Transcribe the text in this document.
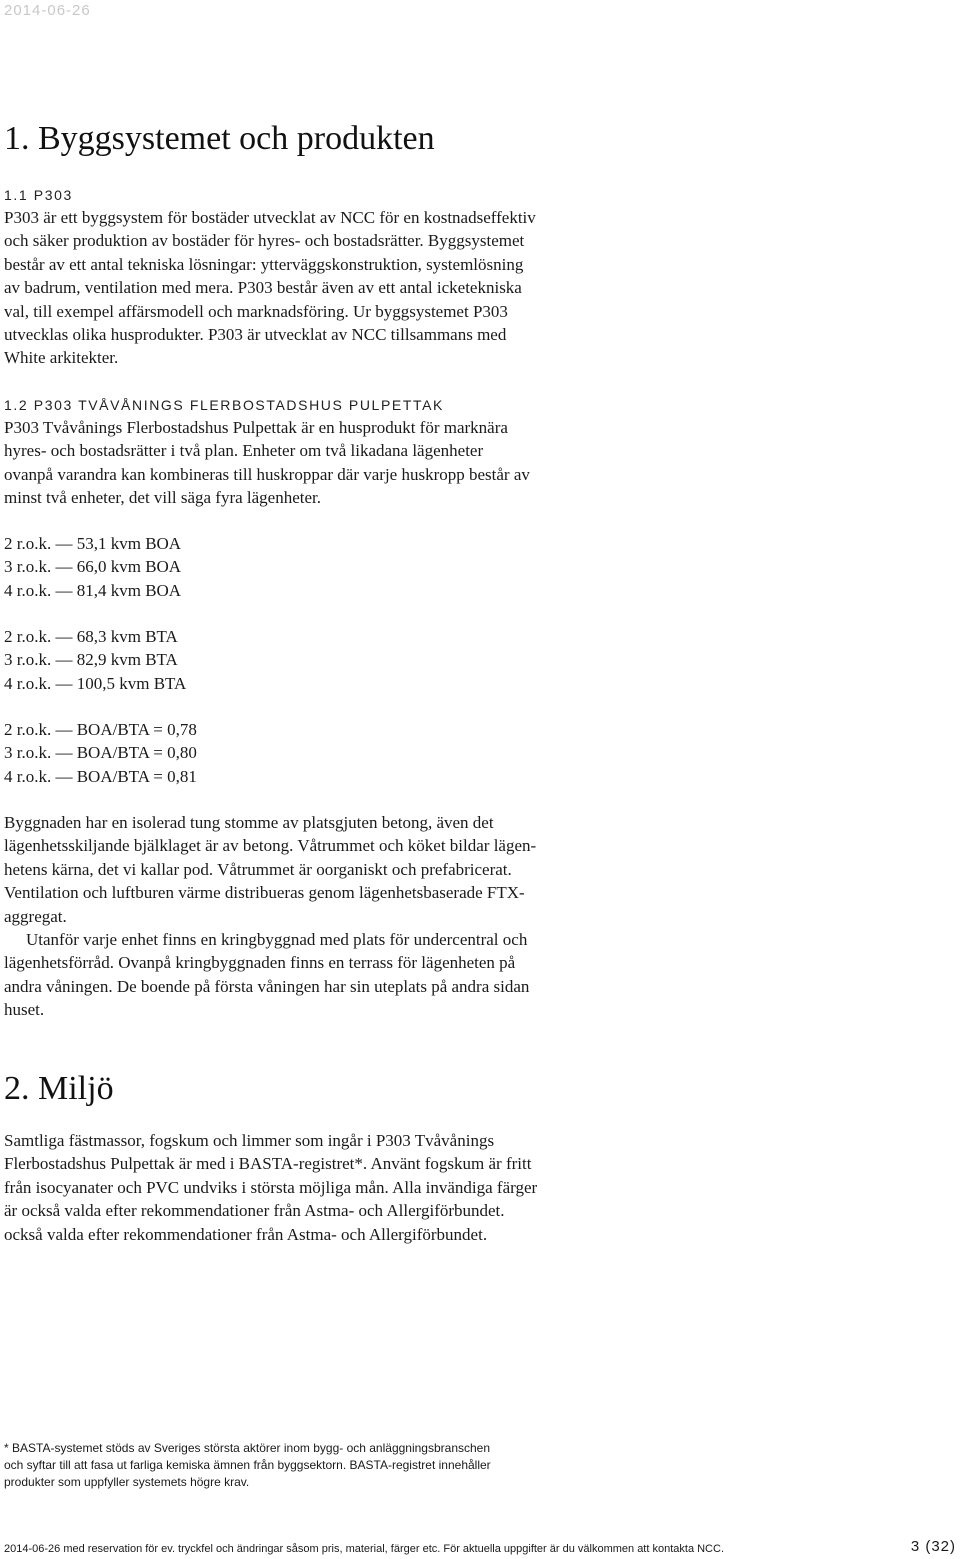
2014-06-26
1. Byggsystemet och produkten
1.1 P303
P303 är ett byggsystem för bostäder utvecklat av NCC för en kostnadseffektiv
och säker produktion av bostäder för hyres- och bostadsrätter. Byggsystemet
består av ett antal tekniska lösningar: ytterväggskonstruktion, systemlösning
av badrum, ventilation med mera. P303 består även av ett antal icketekniska
val, till exempel affärsmodell och marknadsföring. Ur byggsystemet P303
utvecklas olika husprodukter. P303 är utvecklat av NCC tillsammans med
White arkitekter.
1.2 P303 TVÅVÅNINGS FLERBOSTADSHUS PULPETTAK
P303 Tvåvånings Flerbostadshus Pulpettak är en husprodukt för marknära
hyres- och bostadsrätter i två plan. Enheter om två likadana lägenheter
ovanpå varandra kan kombineras till huskroppar där varje huskropp består av
minst två enheter, det vill säga fyra lägenheter.
2 r.o.k. — 53,1 kvm BOA
3 r.o.k. — 66,0 kvm BOA
4 r.o.k. — 81,4 kvm BOA
2 r.o.k. — 68,3 kvm BTA
3 r.o.k. — 82,9 kvm BTA
4 r.o.k. — 100,5 kvm BTA
2 r.o.k. — BOA/BTA = 0,78
3 r.o.k. — BOA/BTA = 0,80
4 r.o.k. — BOA/BTA = 0,81
Byggnaden har en isolerad tung stomme av platsgjuten betong, även det
lägenhetsskiljande bjälklaget är av betong. Våtrummet och köket bildar lägen-
hetens kärna, det vi kallar pod. Våtrummet är oorganiskt och prefabricerat.
Ventilation och luftburen värme distribueras genom lägenhetsbaserade FTX-
aggregat.
Utanför varje enhet finns en kringbyggnad med plats för undercentral och
lägenhetsförråd. Ovanpå kringbyggnaden finns en terrass för lägenheten på
andra våningen. De boende på första våningen har sin uteplats på andra sidan
huset.
2. Miljö
Samtliga fästmassor, fogskum och limmer som ingår i P303 Tvåvånings
Flerbostadshus Pulpettak är med i BASTA-registret*. Använt fogskum är fritt
från isocyanater och PVC undviks i största möjliga mån. Alla invändiga färger
är också valda efter rekommendationer från Astma- och Allergiförbundet.
också valda efter rekommendationer från Astma- och Allergiförbundet.
* BASTA-systemet stöds av Sveriges största aktörer inom bygg- och anläggningsbranschen
och syftar till att fasa ut farliga kemiska ämnen från byggsektorn. BASTA-registret innehåller
produkter som uppfyller systemets högre krav.
2014-06-26 med reservation för ev. tryckfel och ändringar såsom pris, material, färger etc. För aktuella uppgifter är du välkommen att kontakta NCC.	3 (32)
